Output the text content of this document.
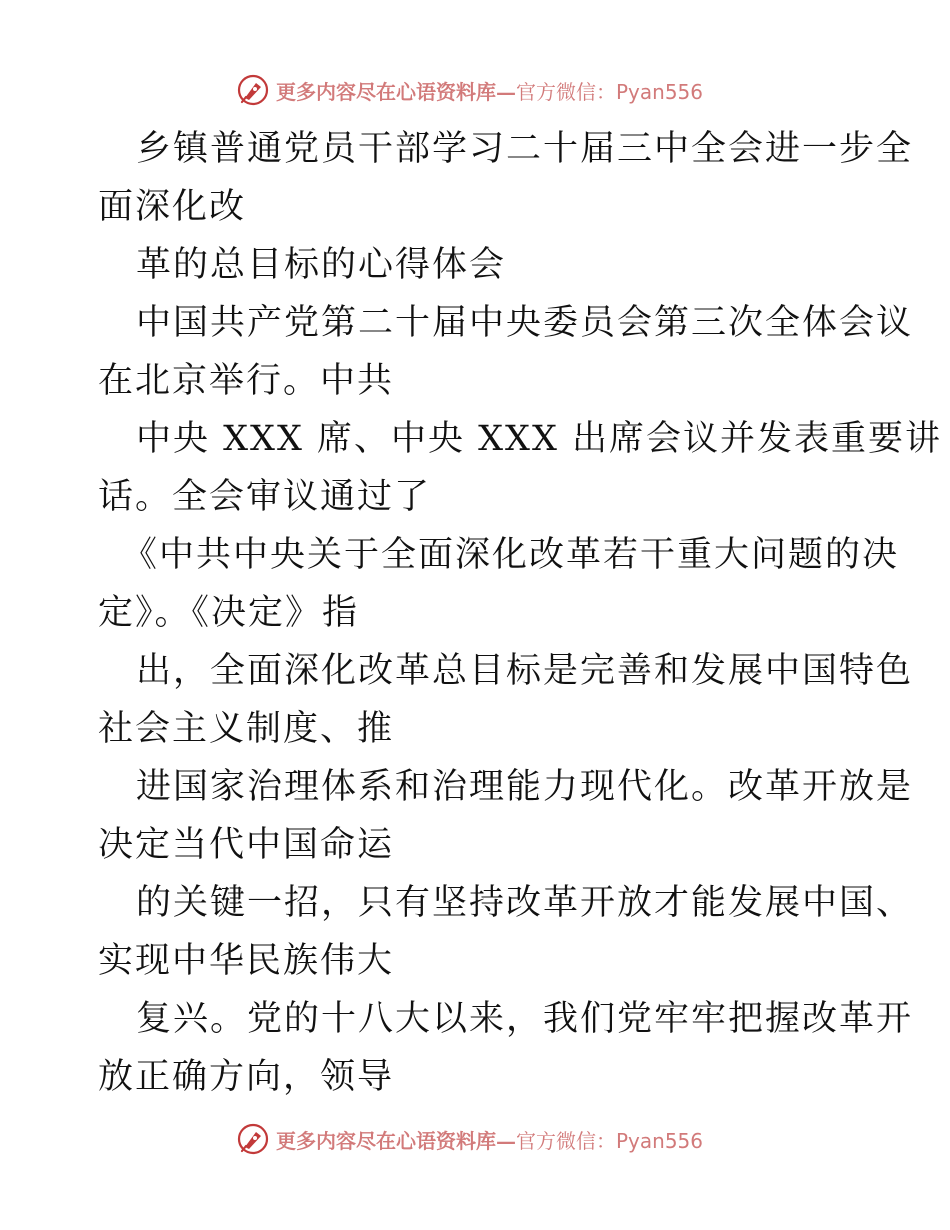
更多内容尽在心语资料库— 官方微信：Pyan556
乡镇普通党员干部学习二十届三中全会进一步全
面深化改
革的总目标的心得体会
中国共产党第二十届中央委员会第三次全体会议
在北京举行。中共
中央 XXX 席、中央 XXX 出席会议并发表重要讲
话。全会审议通过了
《中共中央关于全面深化改革若干重大问题的决
定》。《决定》指
出，全面深化改革总目标是完善和发展中国特色
社会主义制度、推
进国家治理体系和治理能力现代化。改革开放是
决定当代中国命运
的关键一招，只有坚持改革开放才能发展中国、
实现中华民族伟大
复兴。党的十八大以来，我们党牢牢把握改革开
放正确方向，领导
更多内容尽在心语资料库— 官方微信：Pyan556
